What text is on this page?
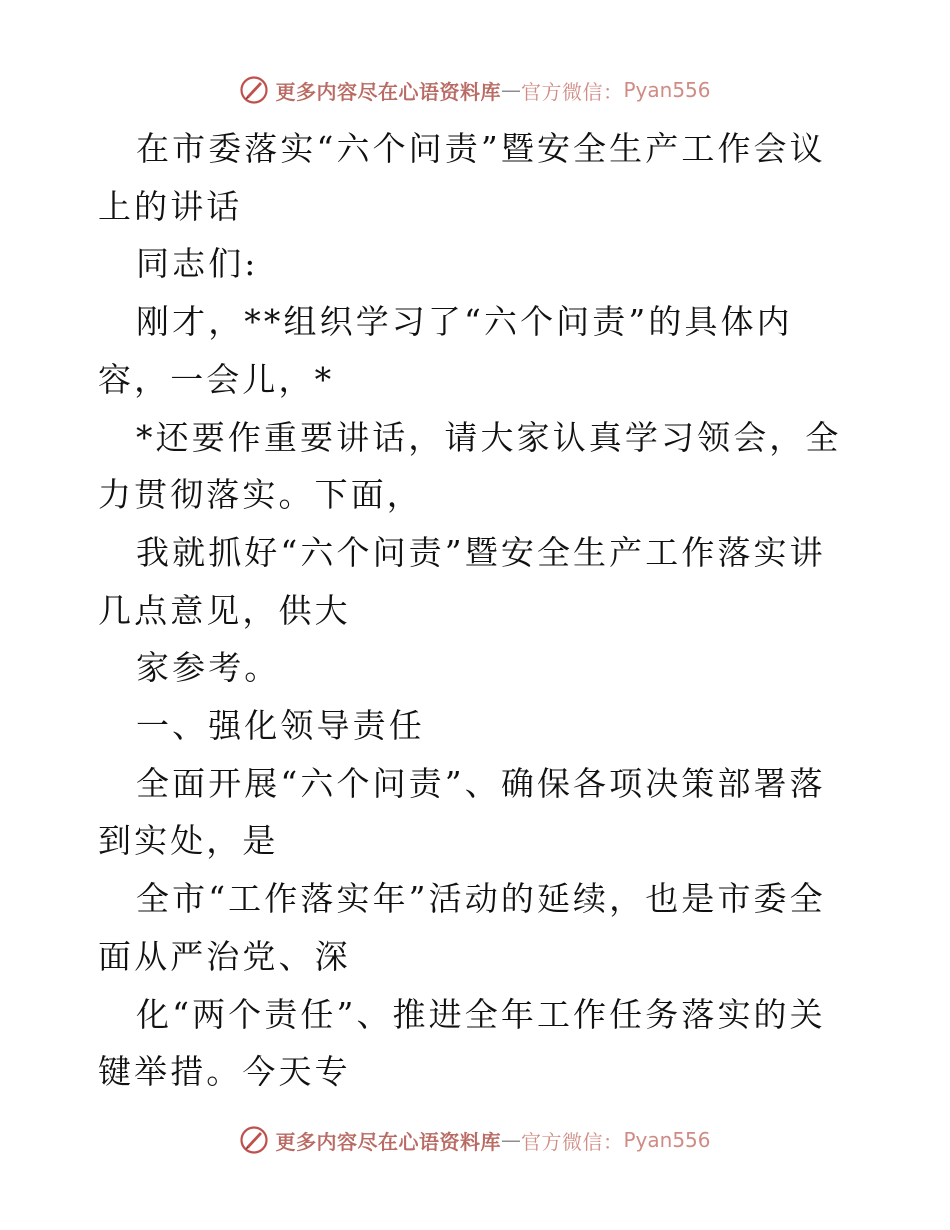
更多内容尽在心语资料库 — 官方微信： Pyan556

在市委落实“六个问责”暨安全生产工作会议上的讲话

同志们:

刚才，**组织学习了“六个问责”的具体内容，一会儿，*

*还要作重要讲话，请大家认真学习领会，全力贯彻落实。下面，

我就抓好“六个问责”暨安全生产工作落实讲几点意见，供大

家参考。

一、强化领导责任

全面开展“六个问责”、确保各项决策部署落到实处，是

全市“工作落实年”活动的延续，也是市委全面从严治党、深

化“两个责任”、推进全年工作任务落实的关键举措。今天专

更多内容尽在心语资料库 — 官方微信： Pyan556
